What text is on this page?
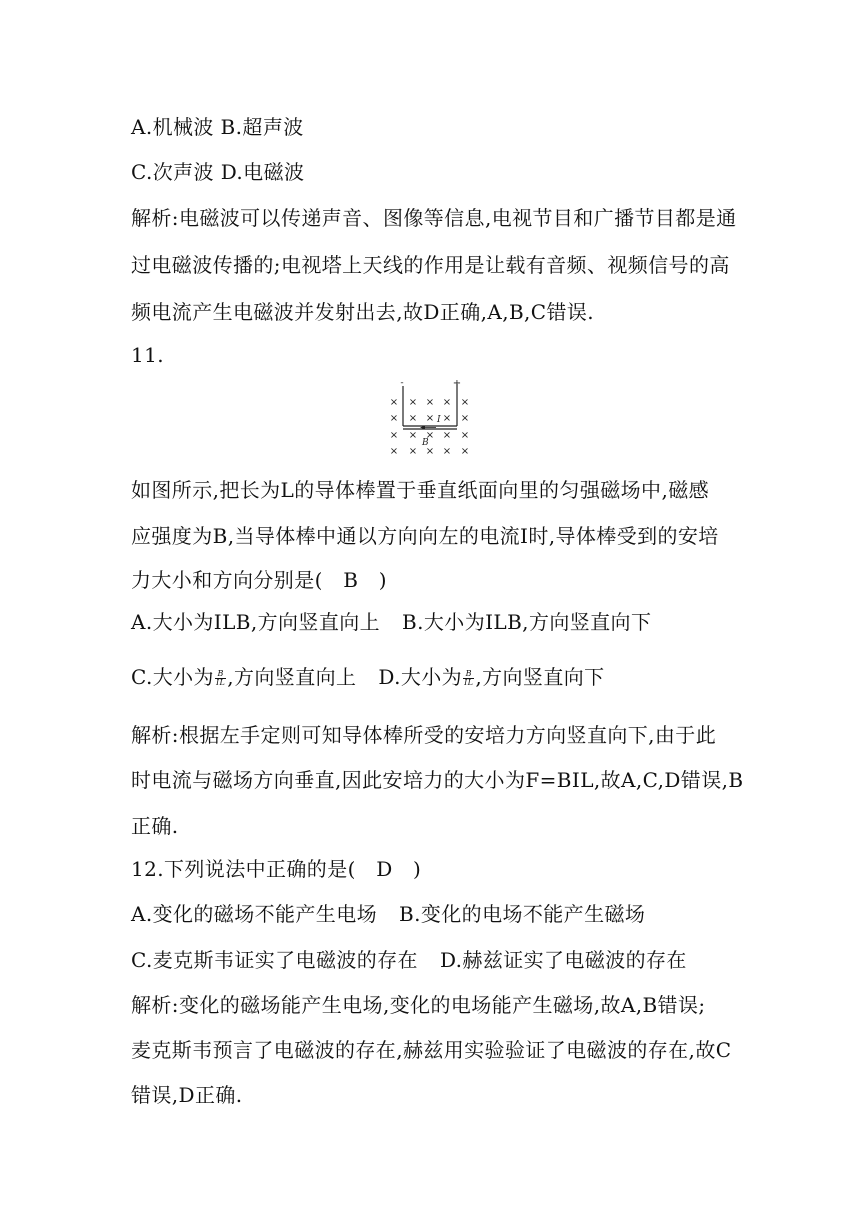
A.机械波 B.超声波
C.次声波 D.电磁波
解析:电磁波可以传递声音、图像等信息,电视节目和广播节目都是通
过电磁波传播的;电视塔上天线的作用是让载有音频、视频信号的高
频电流产生电磁波并发射出去,故D正确,A,B,C错误.
11.
× × × × ×
× × × × ×
× × × × ×
× × × × ×
-	+
I
B
如图所示,把长为L的导体棒置于垂直纸面向里的匀强磁场中,磁感
应强度为B,当导体棒中通以方向向左的电流I时,导体棒受到的安培
力大小和方向分别是(　B　)
A.大小为ILB,方向竖直向上 B.大小为ILB,方向竖直向下
C.大小为 $\frac{B}{IL}$ ,方向竖直向上 D.大小为 $\frac{B}{IL}$ ,方向竖直向下
解析:根据左手定则可知导体棒所受的安培力方向竖直向下,由于此
时电流与磁场方向垂直,因此安培力的大小为F=BIL,故A,C,D错误,B
正确.
12.下列说法中正确的是(　D　)
A.变化的磁场不能产生电场 B.变化的电场不能产生磁场
C.麦克斯韦证实了电磁波的存在 D.赫兹证实了电磁波的存在
解析:变化的磁场能产生电场,变化的电场能产生磁场,故A,B错误;
麦克斯韦预言了电磁波的存在,赫兹用实验验证了电磁波的存在,故C
错误,D正确.
